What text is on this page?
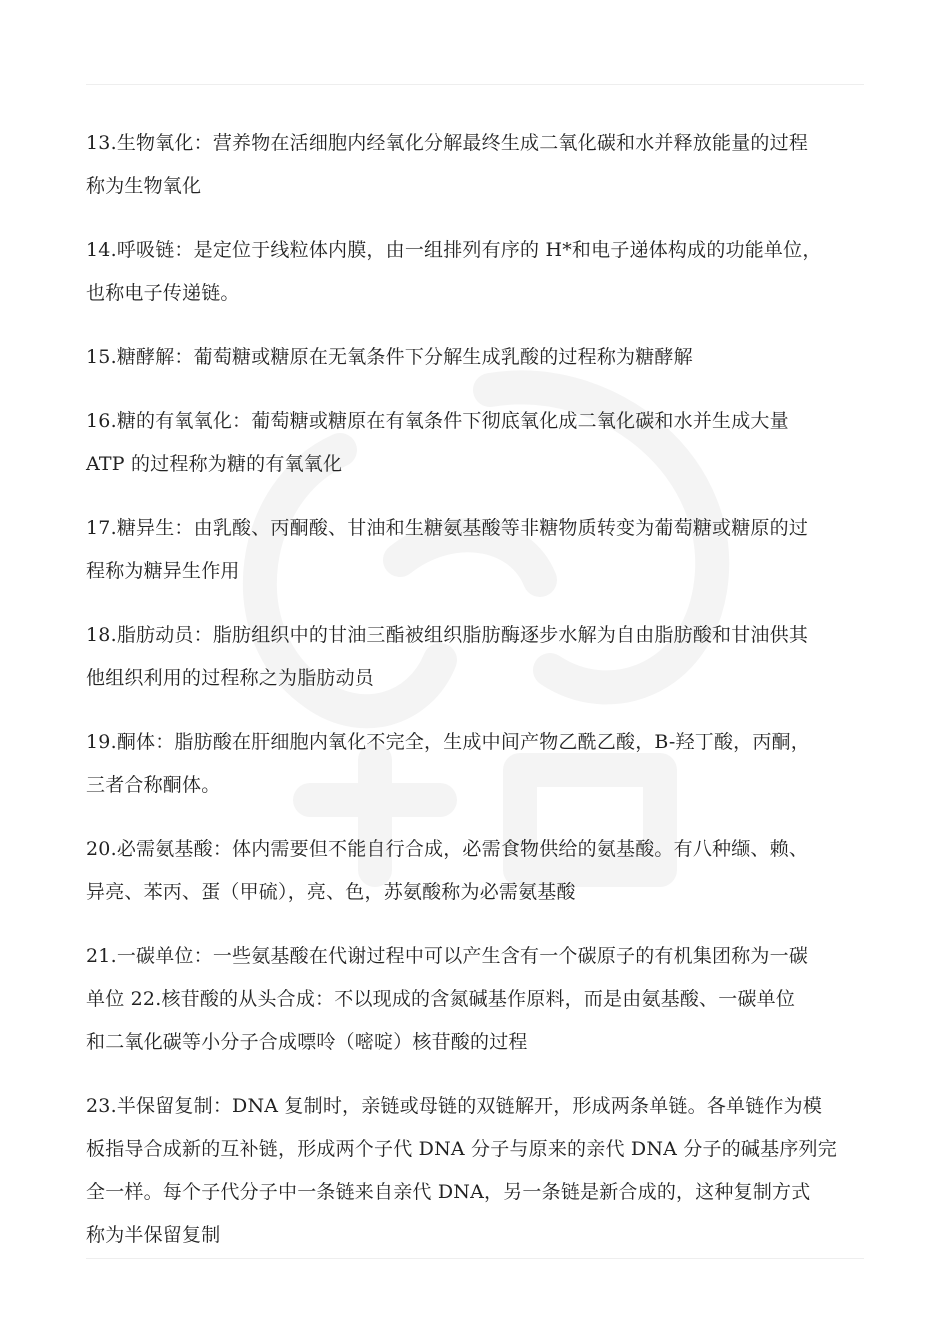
13.生物氧化：营养物在活细胞内经氧化分解最终生成二氧化碳和水并释放能量的过程
称为生物氧化
14.呼吸链：是定位于线粒体内膜，由一组排列有序的 H*和电子递体构成的功能单位，
也称电子传递链。
15.糖酵解：葡萄糖或糖原在无氧条件下分解生成乳酸的过程称为糖酵解
16.糖的有氧氧化：葡萄糖或糖原在有氧条件下彻底氧化成二氧化碳和水并生成大量
ATP 的过程称为糖的有氧氧化
17.糖异生：由乳酸、丙酮酸、甘油和生糖氨基酸等非糖物质转变为葡萄糖或糖原的过
程称为糖异生作用
18.脂肪动员：脂肪组织中的甘油三酯被组织脂肪酶逐步水解为自由脂肪酸和甘油供其
他组织利用的过程称之为脂肪动员
19.酮体：脂肪酸在肝细胞内氧化不完全，生成中间产物乙酰乙酸，B-羟丁酸，丙酮，
三者合称酮体。
20.必需氨基酸：体内需要但不能自行合成，必需食物供给的氨基酸。有八种缬、赖、
异亮、苯丙、蛋（甲硫），亮、色，苏氨酸称为必需氨基酸
21.一碳单位：一些氨基酸在代谢过程中可以产生含有一个碳原子的有机集团称为一碳
单位 22.核苷酸的从头合成：不以现成的含氮碱基作原料，而是由氨基酸、一碳单位
和二氧化碳等小分子合成嘌呤（嘧啶）核苷酸的过程
23.半保留复制：DNA 复制时，亲链或母链的双链解开，形成两条单链。各单链作为模
板指导合成新的互补链，形成两个子代 DNA 分子与原来的亲代 DNA 分子的碱基序列完
全一样。每个子代分子中一条链来自亲代 DNA，另一条链是新合成的，这种复制方式
称为半保留复制
